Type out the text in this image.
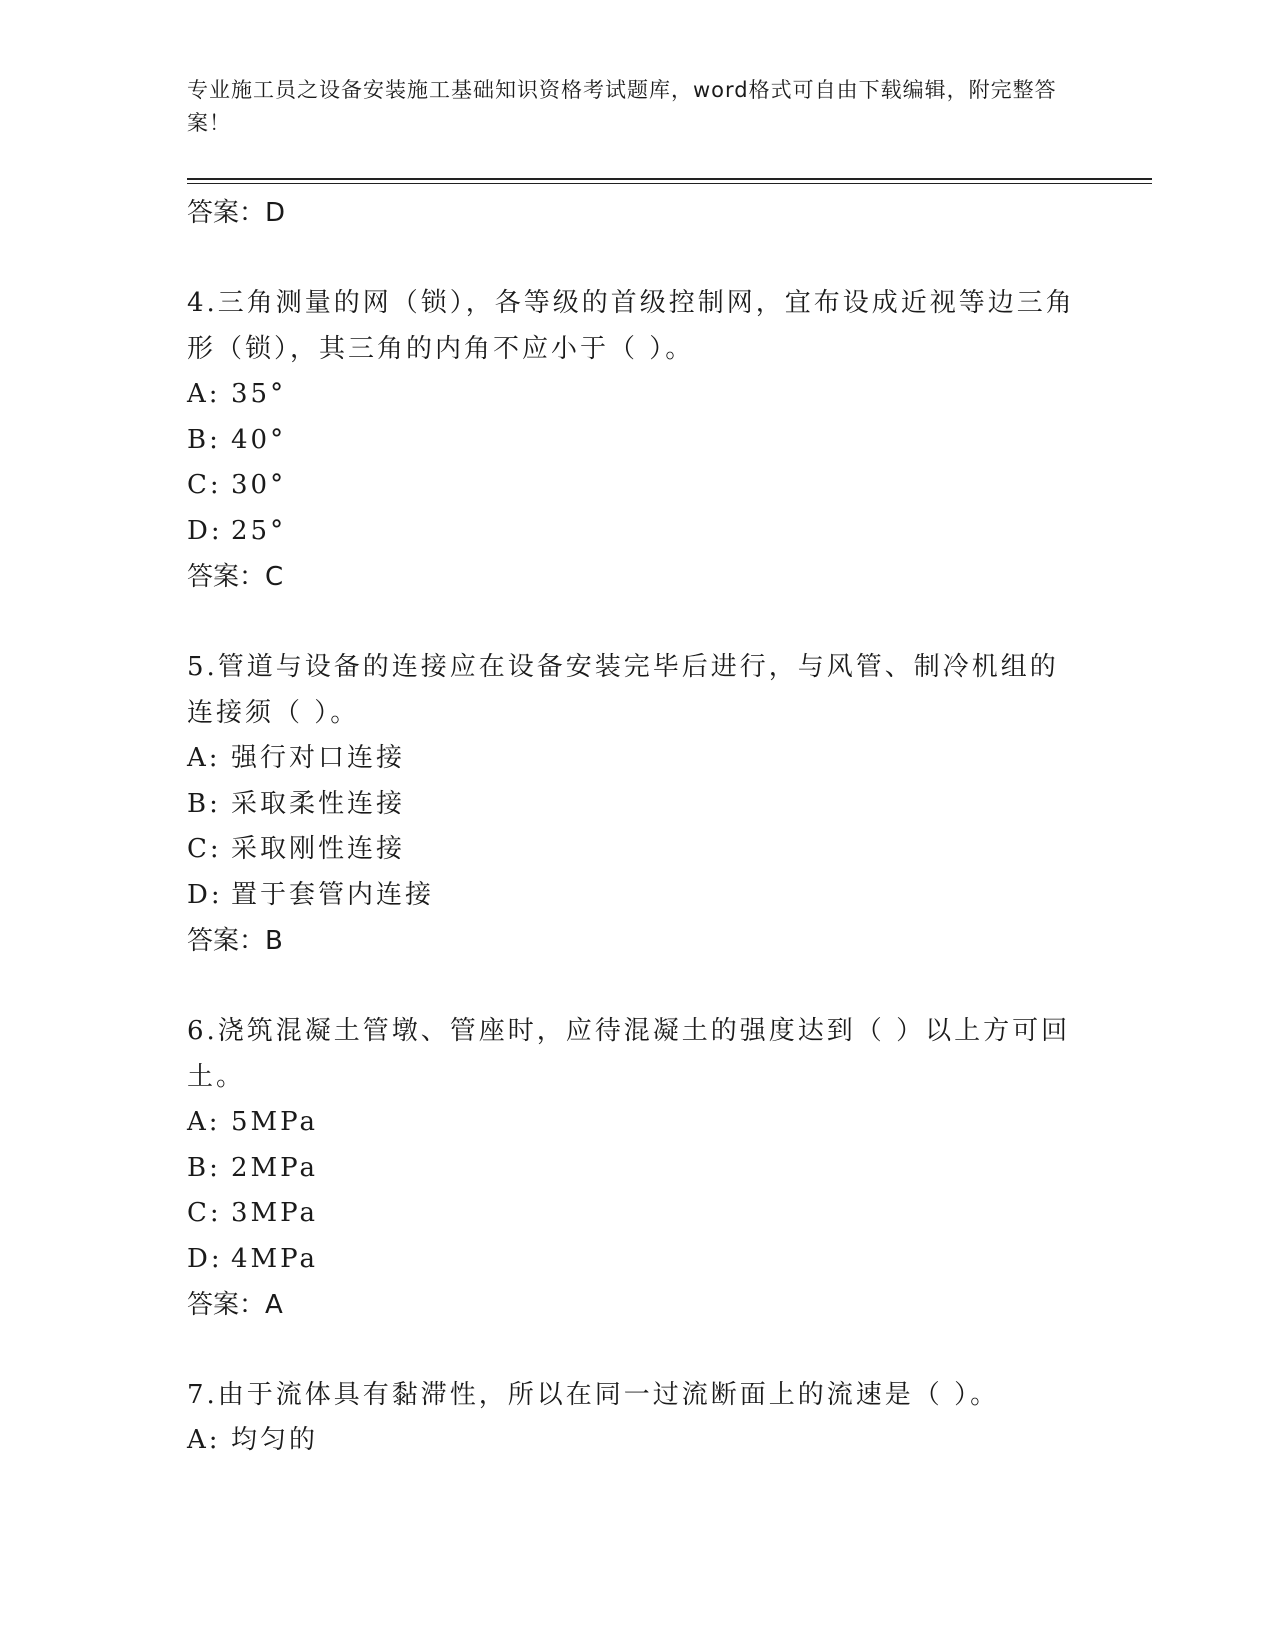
专业施工员之设备安装施工基础知识资格考试题库，word格式可自由下载编辑，附完整答案！
答案：D

4.三角测量的网（锁），各等级的首级控制网，宜布设成近视等边三角形（锁），其三角的内角不应小于（ ）。

A: 35°
B: 40°
C: 30°
D: 25°
答案：C

5.管道与设备的连接应在设备安装完毕后进行，与风管、制冷机组的连接须（ ）。

A: 强行对口连接
B: 采取柔性连接
C: 采取刚性连接
D: 置于套管内连接
答案：B

6.浇筑混凝土管墩、管座时，应待混凝土的强度达到（ ）以上方可回土。

A: 5MPa
B: 2MPa
C: 3MPa
D: 4MPa
答案：A

7.由于流体具有黏滞性，所以在同一过流断面上的流速是（ ）。

A: 均匀的
